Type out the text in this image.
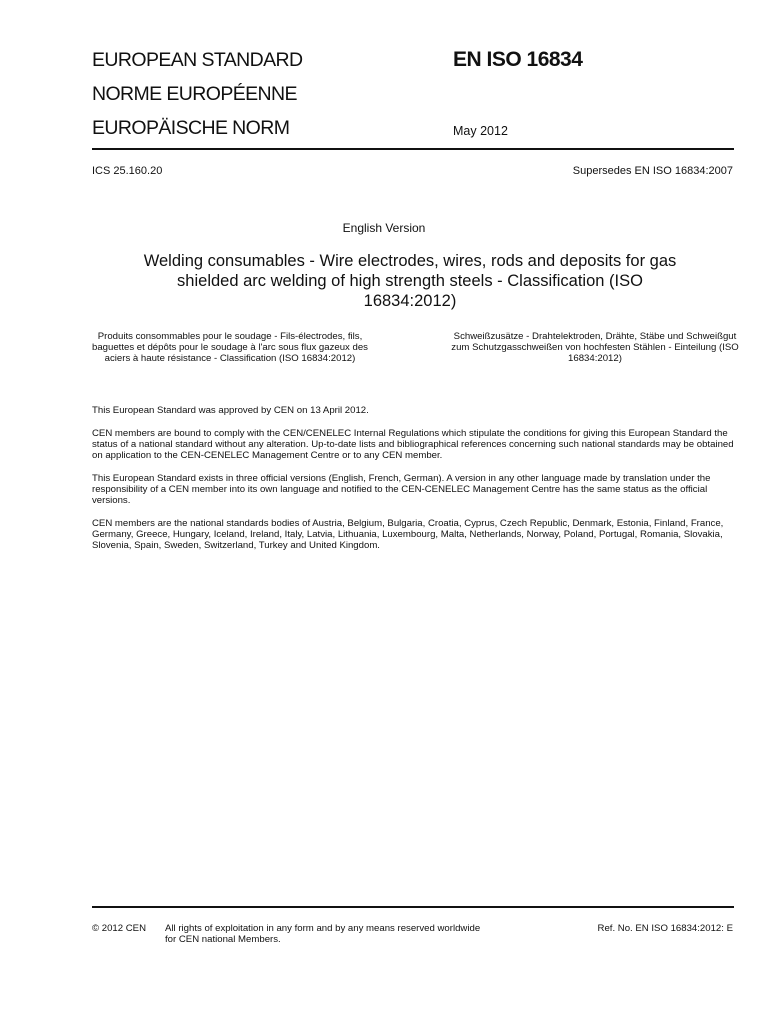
EUROPEAN STANDARD
NORME EUROPÉENNE
EUROPÄISCHE NORM
EN ISO 16834
May 2012
ICS 25.160.20	Supersedes EN ISO 16834:2007
English Version
Welding consumables - Wire electrodes, wires, rods and deposits for gas shielded arc welding of high strength steels - Classification (ISO 16834:2012)
Produits consommables pour le soudage - Fils-électrodes, fils, baguettes et dépôts pour le soudage à l'arc sous flux gazeux des aciers à haute résistance - Classification (ISO 16834:2012)
Schweißzusätze - Drahtelektroden, Drähte, Stäbe und Schweißgut zum Schutzgasschweißen von hochfesten Stählen - Einteilung (ISO 16834:2012)

This European Standard was approved by CEN on 13 April 2012.

CEN members are bound to comply with the CEN/CENELEC Internal Regulations which stipulate the conditions for giving this European Standard the status of a national standard without any alteration. Up-to-date lists and bibliographical references concerning such national standards may be obtained on application to the CEN-CENELEC Management Centre or to any CEN member.

This European Standard exists in three official versions (English, French, German). A version in any other language made by translation under the responsibility of a CEN member into its own language and notified to the CEN-CENELEC Management Centre has the same status as the official versions.

CEN members are the national standards bodies of Austria, Belgium, Bulgaria, Croatia, Cyprus, Czech Republic, Denmark, Estonia, Finland, France, Germany, Greece, Hungary, Iceland, Ireland, Italy, Latvia, Lithuania, Luxembourg, Malta, Netherlands, Norway, Poland, Portugal, Romania, Slovakia, Slovenia, Spain, Sweden, Switzerland, Turkey and United Kingdom.

© 2012 CEN All rights of exploitation in any form and by any means reserved worldwide for CEN national Members.
Ref. No. EN ISO 16834:2012: E
